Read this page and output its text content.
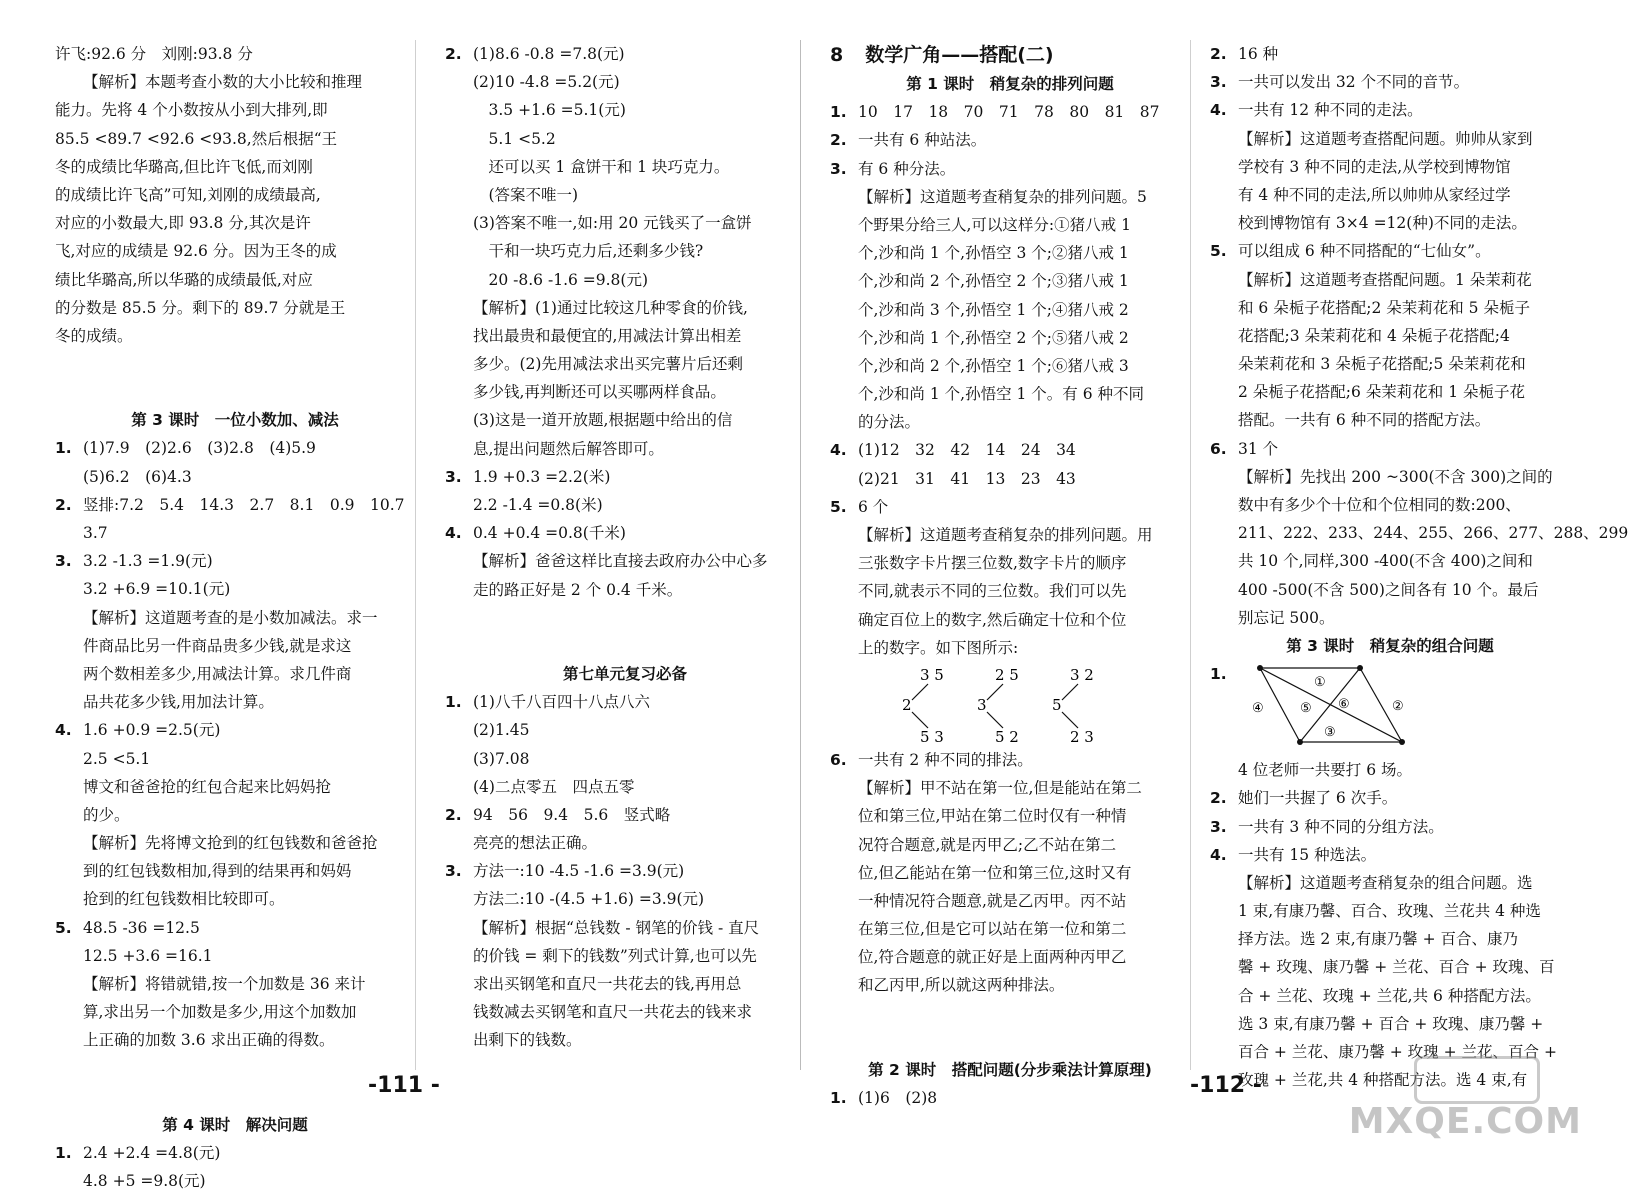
许飞:92.6 分　刘刚:93.8 分
【解析】本题考查小数的大小比较和推理
能力。先将 4 个小数按从小到大排列,即
85.5 <89.7 <92.6 <93.8,然后根据“王
冬的成绩比华璐高,但比许飞低,而刘刚
的成绩比许飞高”可知,刘刚的成绩最高,
对应的小数最大,即 93.8 分,其次是许
飞,对应的成绩是 92.6 分。因为王冬的成
绩比华璐高,所以华璐的成绩最低,对应
的分数是 85.5 分。剩下的 89.7 分就是王
冬的成绩。
第 3 课时　一位小数加、减法
1. (1)7.9　(2)2.6　(3)2.8　(4)5.9
(5)6.2　(6)4.3
2. 竖排:7.2　5.4　14.3　2.7　8.1　0.9　10.7
3.7
3. 3.2 -1.3 =1.9(元)
3.2 +6.9 =10.1(元)
【解析】这道题考查的是小数加减法。求一
件商品比另一件商品贵多少钱,就是求这
两个数相差多少,用减法计算。求几件商
品共花多少钱,用加法计算。
4. 1.6 +0.9 =2.5(元)
2.5 <5.1
博文和爸爸抢的红包合起来比妈妈抢
的少。
【解析】先将博文抢到的红包钱数和爸爸抢
到的红包钱数相加,得到的结果再和妈妈
抢到的红包钱数相比较即可。
5. 48.5 -36 =12.5
12.5 +3.6 =16.1
【解析】将错就错,按一个加数是 36 来计
算,求出另一个加数是多少,用这个加数加
上正确的加数 3.6 求出正确的得数。
第 4 课时　解决问题
1. 2.4 +2.4 =4.8(元)
4.8 +5 =9.8(元)
2. (1)8.6 -0.8 =7.8(元)
(2)10 -4.8 =5.2(元)
　3.5 +1.6 =5.1(元)
　5.1 <5.2
　还可以买 1 盒饼干和 1 块巧克力。
　(答案不唯一)
(3)答案不唯一,如:用 20 元钱买了一盒饼
　干和一块巧克力后,还剩多少钱?
　20 -8.6 -1.6 =9.8(元)
【解析】(1)通过比较这几种零食的价钱,
找出最贵和最便宜的,用减法计算出相差
多少。(2)先用减法求出买完薯片后还剩
多少钱,再判断还可以买哪两样食品。
(3)这是一道开放题,根据题中给出的信
息,提出问题然后解答即可。
3. 1.9 +0.3 =2.2(米)
2.2 -1.4 =0.8(米)
4. 0.4 +0.4 =0.8(千米)
【解析】爸爸这样比直接去政府办公中心多
走的路正好是 2 个 0.4 千米。
第七单元复习必备
1. (1)八千八百四十八点八六
(2)1.45
(3)7.08
(4)二点零五　四点五零
2. 94　56　9.4　5.6　竖式略
亮亮的想法正确。
3. 方法一:10 -4.5 -1.6 =3.9(元)
方法二:10 -(4.5 +1.6) =3.9(元)
【解析】根据“总钱数 - 钢笔的价钱 - 直尺
的价钱 = 剩下的钱数”列式计算,也可以先
求出买钢笔和直尺一共花去的钱,再用总
钱数减去买钢笔和直尺一共花去的钱来求
出剩下的钱数。
-111 -
8 数学广角——搭配(二)
第 1 课时　稍复杂的排列问题
1. 10　17　18　70　71　78　80　81　87
2. 一共有 6 种站法。
3. 有 6 种分法。
【解析】这道题考查稍复杂的排列问题。5
个野果分给三人,可以这样分:①猪八戒 1
个,沙和尚 1 个,孙悟空 3 个;②猪八戒 1
个,沙和尚 2 个,孙悟空 2 个;③猪八戒 1
个,沙和尚 3 个,孙悟空 1 个;④猪八戒 2
个,沙和尚 1 个,孙悟空 2 个;⑤猪八戒 2
个,沙和尚 2 个,孙悟空 1 个;⑥猪八戒 3
个,沙和尚 1 个,孙悟空 1 个。有 6 种不同
的分法。
4. (1)12　32　42　14　24　34
(2)21　31　41　13　23　43
5. 6 个
【解析】这道题考查稍复杂的排列问题。用
三张数字卡片摆三位数,数字卡片的顺序
不同,就表示不同的三位数。我们可以先
确定百位上的数字,然后确定十位和个位
上的数字。如下图所示:
3 5
2
5 3
2 5
3
5 2
3 2
5
2 3
6. 一共有 2 种不同的排法。
【解析】甲不站在第一位,但是能站在第二
位和第三位,甲站在第二位时仅有一种情
况符合题意,就是丙甲乙;乙不站在第二
位,但乙能站在第一位和第三位,这时又有
一种情况符合题意,就是乙丙甲。丙不站
在第三位,但是它可以站在第一位和第二
位,符合题意的就正好是上面两种丙甲乙
和乙丙甲,所以就这两种排法。
第 2 课时　搭配问题(分步乘法计算原理)
1. (1)6　(2)8
2. 16 种
3. 一共可以发出 32 个不同的音节。
4. 一共有 12 种不同的走法。
【解析】这道题考查搭配问题。帅帅从家到
学校有 3 种不同的走法,从学校到博物馆
有 4 种不同的走法,所以帅帅从家经过学
校到博物馆有 3×4 =12(种)不同的走法。
5. 可以组成 6 种不同搭配的“七仙女”。
【解析】这道题考查搭配问题。1 朵茉莉花
和 6 朵栀子花搭配;2 朵茉莉花和 5 朵栀子
花搭配;3 朵茉莉花和 4 朵栀子花搭配;4
朵茉莉花和 3 朵栀子花搭配;5 朵茉莉花和
2 朵栀子花搭配;6 朵茉莉花和 1 朵栀子花
搭配。一共有 6 种不同的搭配方法。
6. 31 个
【解析】先找出 200 ~300(不含 300)之间的
数中有多少个十位和个位相同的数:200、
211、222、233、244、255、266、277、288、299
共 10 个,同样,300 -400(不含 400)之间和
400 -500(不含 500)之间各有 10 个。最后
别忘记 500。
第 3 课时　稍复杂的组合问题
1.	①
②
③
④	⑤ ⑥
4 位老师一共要打 6 场。
2. 她们一共握了 6 次手。
3. 一共有 3 种不同的分组方法。
4. 一共有 15 种选法。
【解析】这道题考查稍复杂的组合问题。选
1 束,有康乃馨、百合、玫瑰、兰花共 4 种选
择方法。选 2 束,有康乃馨 + 百合、康乃
馨 + 玫瑰、康乃馨 + 兰花、百合 + 玫瑰、百
合 + 兰花、玫瑰 + 兰花,共 6 种搭配方法。
选 3 束,有康乃馨 + 百合 + 玫瑰、康乃馨 +
百合 + 兰花、康乃馨 + 玫瑰 + 兰花、百合 +
玫瑰 + 兰花,共 4 种搭配方法。选 4 束,有
-112 -
MXQE.COM
